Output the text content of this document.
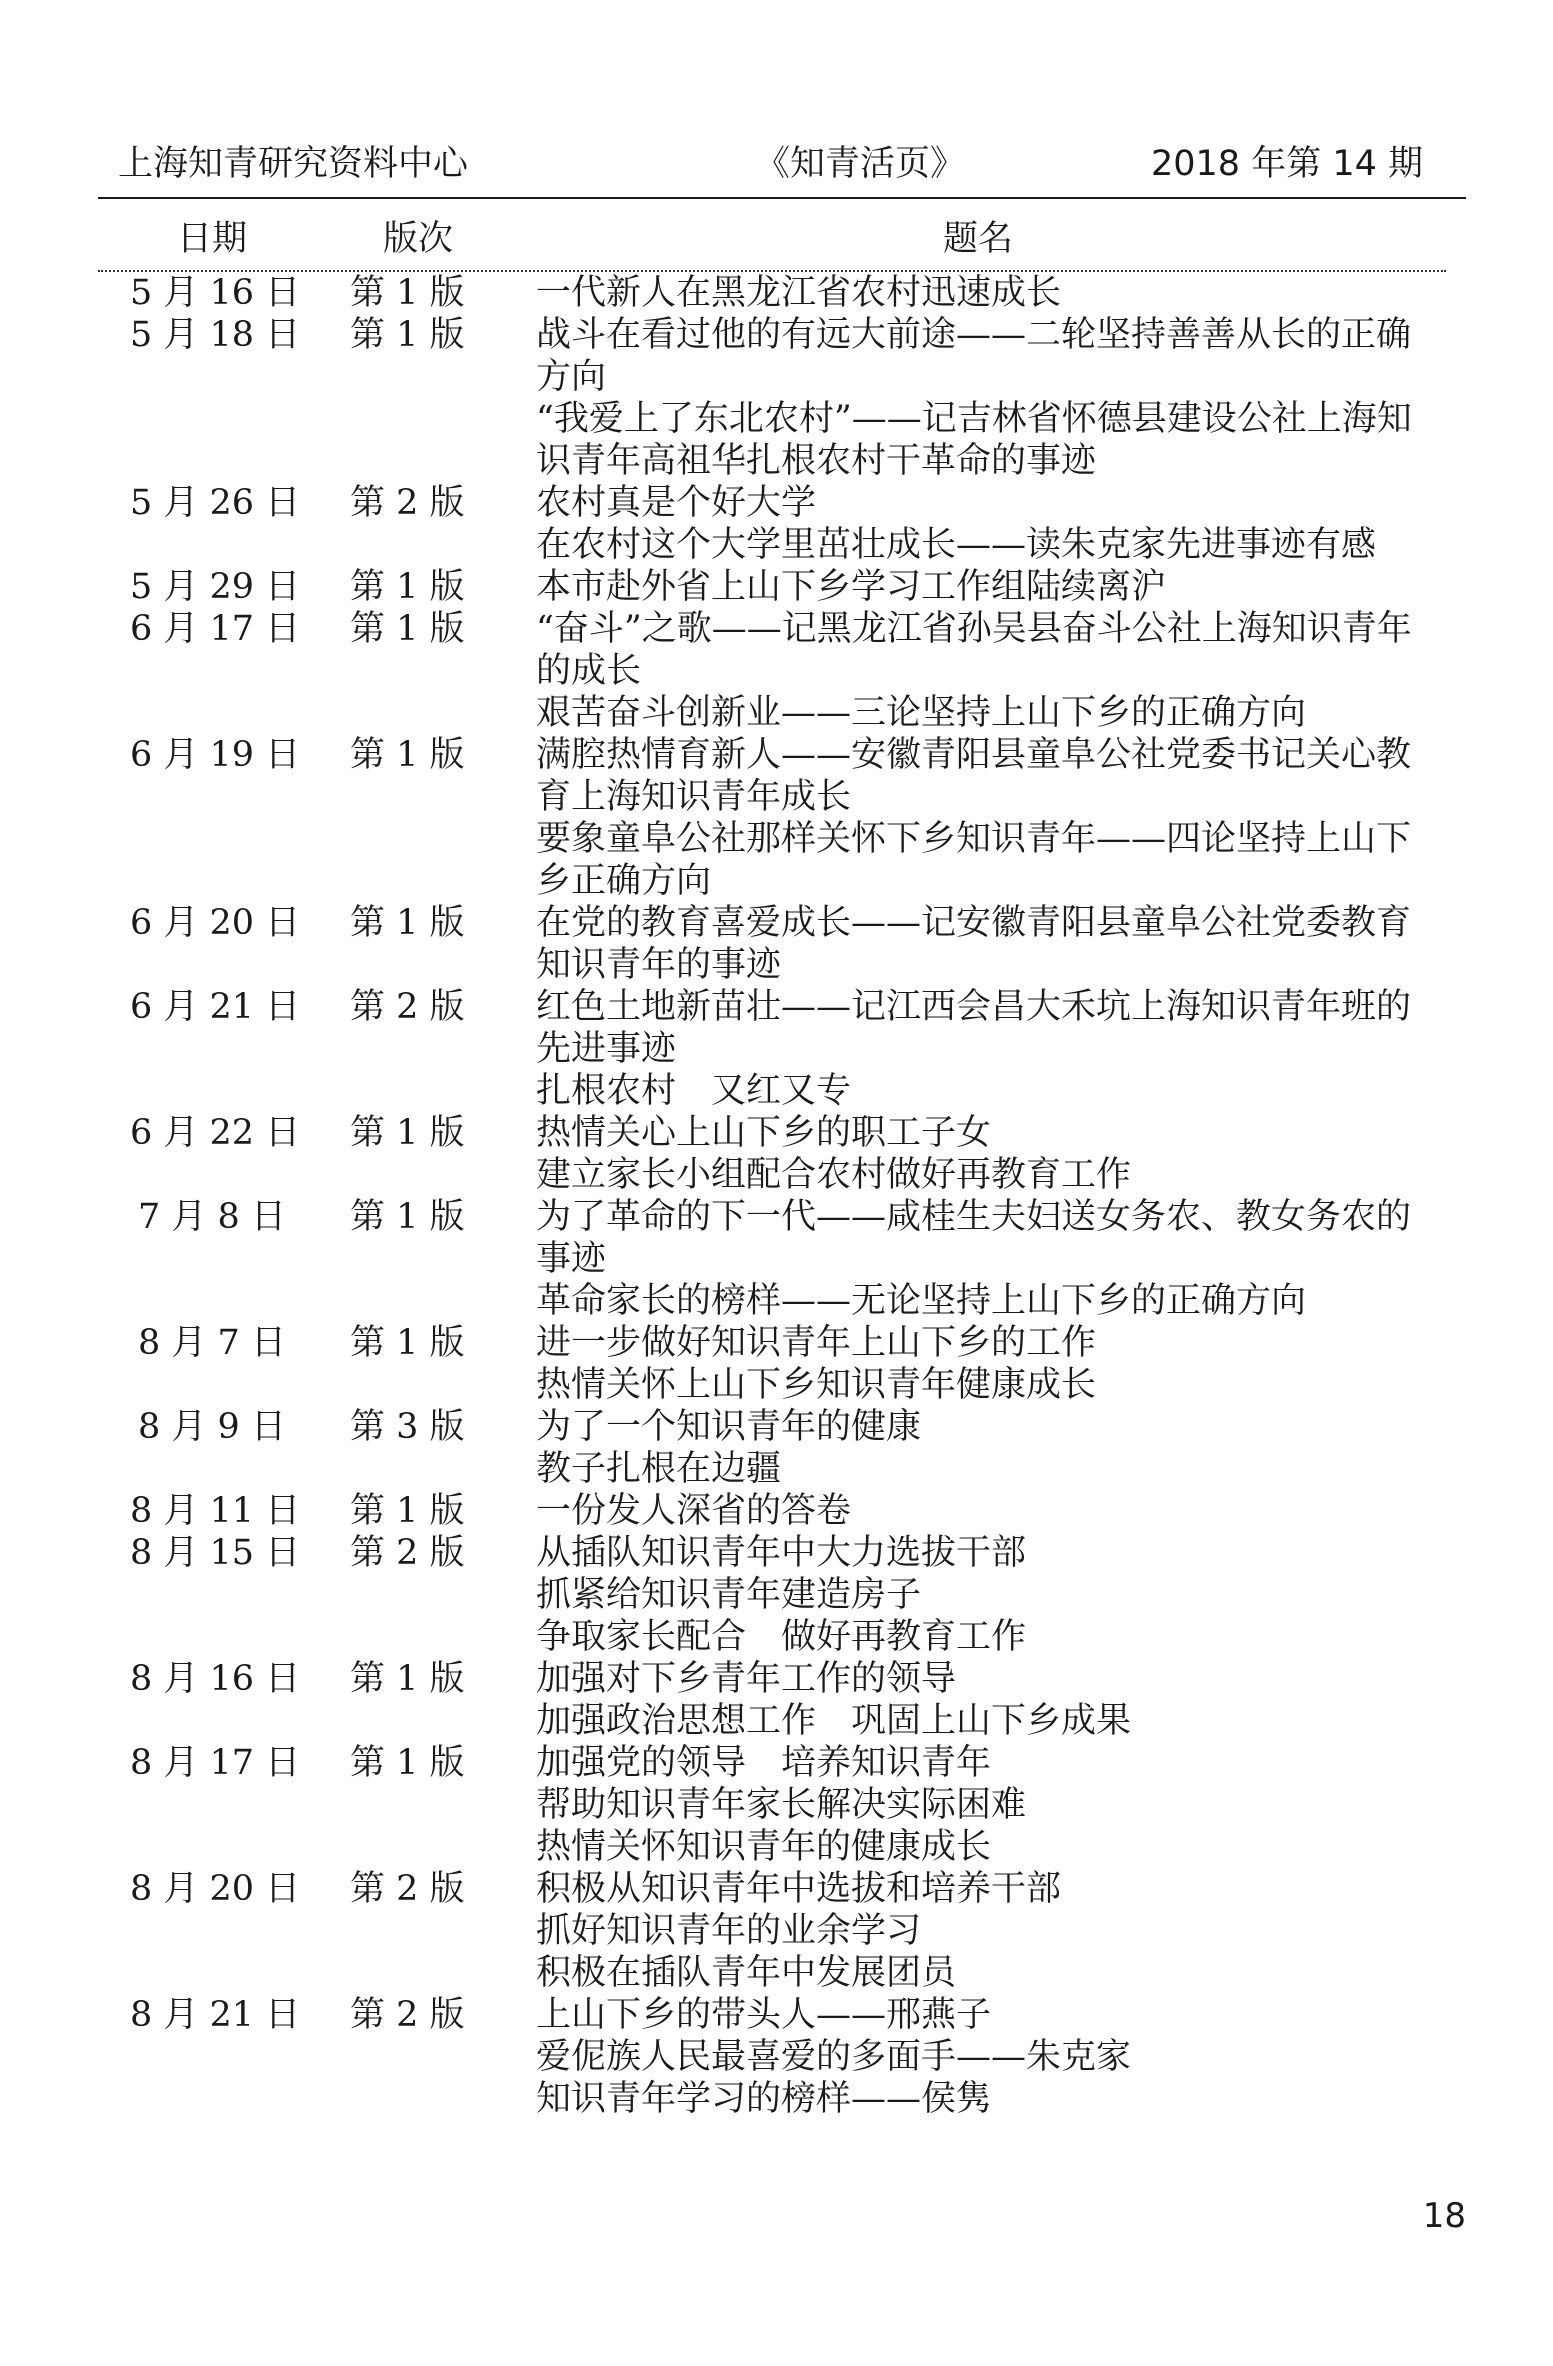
上海知青研究资料中心	《知青活页》	2018 年第 14 期
日期	版次	题名
5 月 16 日 第 1 版 一代新人在黑龙江省农村迅速成长
5 月 18 日 第 1 版 战斗在看过他的有远大前途——二轮坚持善善从长的正确方向
“我爱上了东北农村”——记吉林省怀德县建设公社上海知识青年高祖华扎根农村干革命的事迹
5 月 26 日 第 2 版 农村真是个好大学
在农村这个大学里茁壮成长——读朱克家先进事迹有感
5 月 29 日 第 1 版 本市赴外省上山下乡学习工作组陆续离沪
6 月 17 日 第 1 版 “奋斗”之歌——记黑龙江省孙吴县奋斗公社上海知识青年的成长
艰苦奋斗创新业——三论坚持上山下乡的正确方向
6 月 19 日 第 1 版 满腔热情育新人——安徽青阳县童阜公社党委书记关心教育上海知识青年成长
要象童阜公社那样关怀下乡知识青年——四论坚持上山下乡正确方向
6 月 20 日 第 1 版 在党的教育喜爱成长——记安徽青阳县童阜公社党委教育知识青年的事迹
6 月 21 日 第 2 版 红色土地新苗壮——记江西会昌大禾坑上海知识青年班的先进事迹
扎根农村　又红又专
6 月 22 日 第 1 版 热情关心上山下乡的职工子女
建立家长小组配合农村做好再教育工作
7 月 8 日 第 1 版 为了革命的下一代——咸桂生夫妇送女务农、教女务农的事迹
革命家长的榜样——无论坚持上山下乡的正确方向
8 月 7 日 第 1 版 进一步做好知识青年上山下乡的工作
热情关怀上山下乡知识青年健康成长
8 月 9 日 第 3 版 为了一个知识青年的健康
教子扎根在边疆
8 月 11 日 第 1 版 一份发人深省的答卷
8 月 15 日 第 2 版 从插队知识青年中大力选拔干部
抓紧给知识青年建造房子
争取家长配合　做好再教育工作
8 月 16 日 第 1 版 加强对下乡青年工作的领导
加强政治思想工作　巩固上山下乡成果
8 月 17 日 第 1 版 加强党的领导　培养知识青年
帮助知识青年家长解决实际困难
热情关怀知识青年的健康成长
8 月 20 日 第 2 版 积极从知识青年中选拔和培养干部
抓好知识青年的业余学习
积极在插队青年中发展团员
8 月 21 日 第 2 版 上山下乡的带头人——邢燕子
爱伲族人民最喜爱的多面手——朱克家
知识青年学习的榜样——侯隽
18
